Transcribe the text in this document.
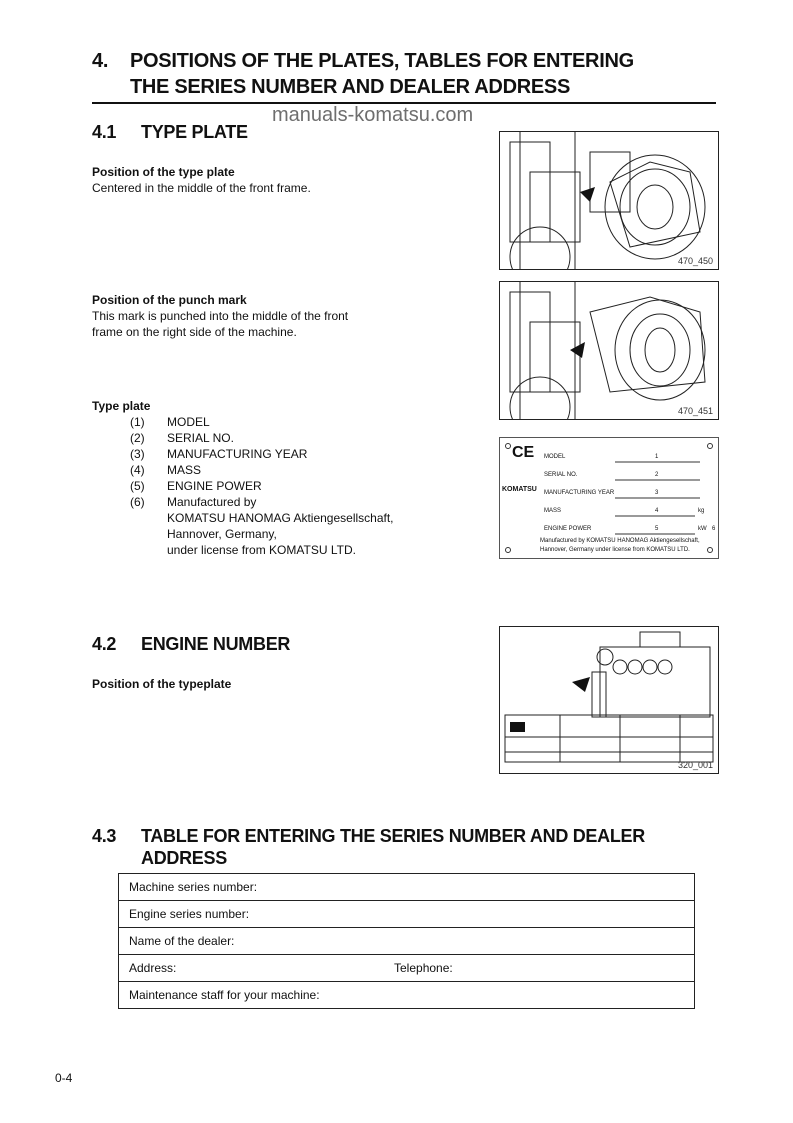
4. POSITIONS OF THE PLATES, TABLES FOR ENTERING
THE SERIES NUMBER AND DEALER ADDRESS
manuals-komatsu.com
4.1 TYPE PLATE
Position of the type plate
Centered in the middle of the front frame.
Position of the punch mark
This mark is punched into the middle of the front
frame on the right side of the machine.
Type plate
(1) MODEL
(2) SERIAL NO.
(3) MANUFACTURING YEAR
(4) MASS
(5) ENGINE POWER
(6) Manufactured by
KOMATSU HANOMAG Aktiengesellschaft,
Hannover, Germany,
under license from KOMATSU LTD.
470_450
470_451
CE
KOMATSU
MODEL
SERIAL NO.
MANUFACTURING YEAR
MASS
ENGINE POWER
1
2
3
4
5	6
kg
kW
Manufactured by KOMATSU HANOMAG Aktiengesellschaft,
Hannover, Germany under license from KOMATSU LTD.
4.2 ENGINE NUMBER
Position of the typeplate
320_001
4.3 TABLE FOR ENTERING THE SERIES NUMBER AND DEALER
ADDRESS
Machine series number:
Engine series number:
Name of the dealer:
Address:	Telephone:
Maintenance staff for your machine:
0-4
